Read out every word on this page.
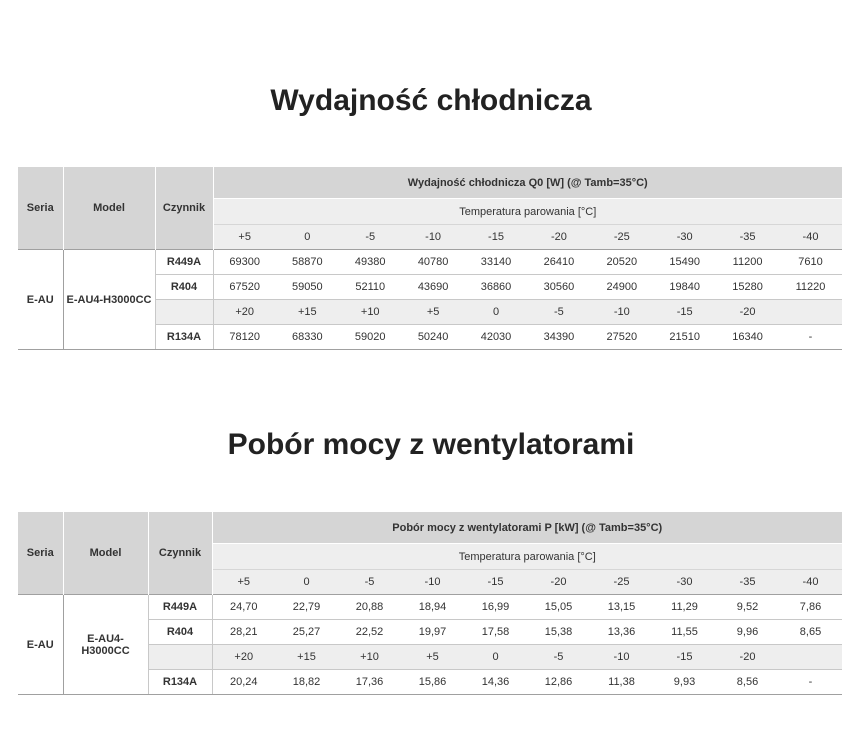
Wydajność chłodnicza
Seria	Model	Czynnik	Wydajność chłodnicza Q0 [W] (@ Tamb=35°C)									
			Temperatura parowania [°C]									
			+5	0	-5	-10	-15	-20	-25	-30	-35	-40
E-AU	E-AU4-H3000CC	R449A	69300	58870	49380	40780	33140	26410	20520	15490	11200	7610
		R404	67520	59050	52110	43690	36860	30560	24900	19840	15280	11220
			+20	+15	+10	+5	0	-5	-10	-15	-20	
		R134A	78120	68330	59020	50240	42030	34390	27520	21510	16340	-
Pobór mocy z wentylatorami
Seria	Model	Czynnik	Pobór mocy z wentylatorami P [kW] (@ Tamb=35°C)									
			Temperatura parowania [°C]									
			+5	0	-5	-10	-15	-20	-25	-30	-35	-40
E-AU	E-AU4-H3000CC	R449A	24,70	22,79	20,88	18,94	16,99	15,05	13,15	11,29	9,52	7,86
		R404	28,21	25,27	22,52	19,97	17,58	15,38	13,36	11,55	9,96	8,65
			+20	+15	+10	+5	0	-5	-10	-15	-20	
		R134A	20,24	18,82	17,36	15,86	14,36	12,86	11,38	9,93	8,56	-
